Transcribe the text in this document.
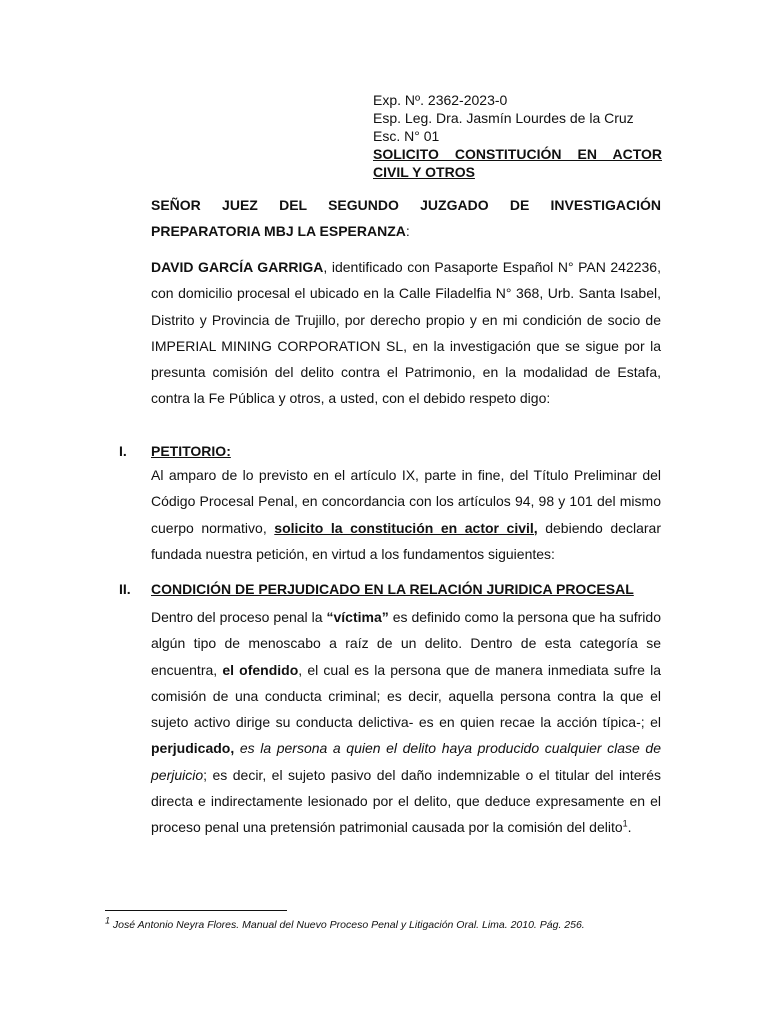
Exp. Nº. 2362-2023-0
Esp. Leg. Dra. Jasmín Lourdes de la Cruz
Esc. N° 01
SOLICITO CONSTITUCIÓN EN ACTOR CIVIL Y OTROS
SEÑOR JUEZ DEL SEGUNDO JUZGADO DE INVESTIGACIÓN PREPARATORIA MBJ LA ESPERANZA:
DAVID GARCÍA GARRIGA, identificado con Pasaporte Español N° PAN 242236, con domicilio procesal el ubicado en la Calle Filadelfia N° 368, Urb. Santa Isabel, Distrito y Provincia de Trujillo, por derecho propio y en mi condición de socio de IMPERIAL MINING CORPORATION SL, en la investigación que se sigue por la presunta comisión del delito contra el Patrimonio, en la modalidad de Estafa, contra la Fe Pública y otros, a usted, con el debido respeto digo:
I. PETITORIO:
Al amparo de lo previsto en el artículo IX, parte in fine, del Título Preliminar del Código Procesal Penal, en concordancia con los artículos 94, 98 y 101 del mismo cuerpo normativo, solicito la constitución en actor civil, debiendo declarar fundada nuestra petición, en virtud a los fundamentos siguientes:
II. CONDICIÓN DE PERJUDICADO EN LA RELACIÓN JURIDICA PROCESAL
Dentro del proceso penal la “víctima” es definido como la persona que ha sufrido algún tipo de menoscabo a raíz de un delito. Dentro de esta categoría se encuentra, el ofendido, el cual es la persona que de manera inmediata sufre la comisión de una conducta criminal; es decir, aquella persona contra la que el sujeto activo dirige su conducta delictiva- es en quien recae la acción típica-; el perjudicado, es la persona a quien el delito haya producido cualquier clase de perjuicio; es decir, el sujeto pasivo del daño indemnizable o el titular del interés directa e indirectamente lesionado por el delito, que deduce expresamente en el proceso penal una pretensión patrimonial causada por la comisión del delito$^1$.
$^1$ José Antonio Neyra Flores. Manual del Nuevo Proceso Penal y Litigación Oral. Lima. 2010. Pág. 256.
